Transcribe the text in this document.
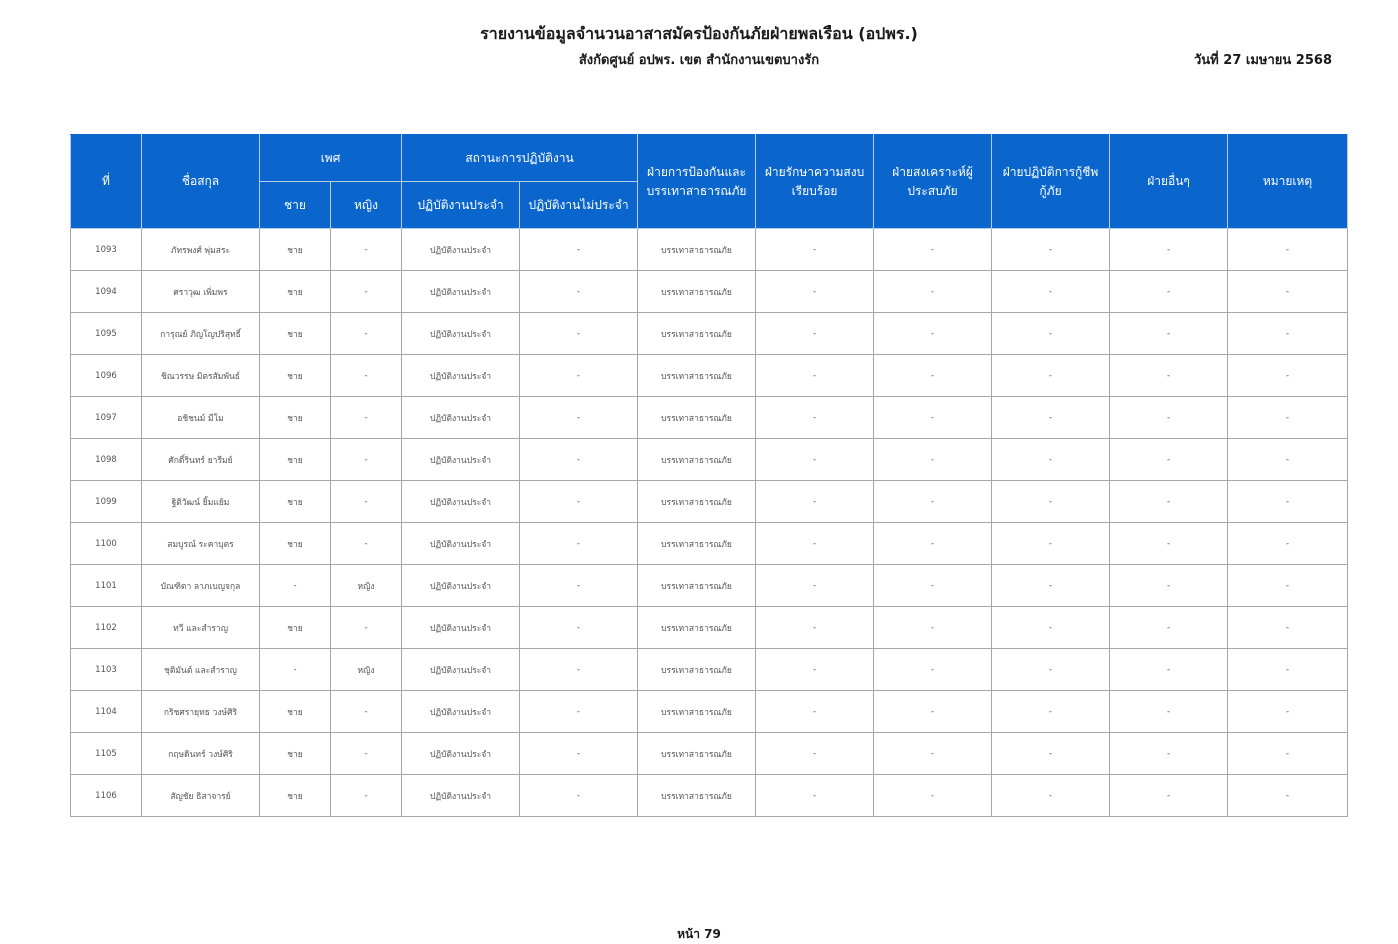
รายงานข้อมูลจำนวนอาสาสมัครป้องกันภัยฝ่ายพลเรือน (อปพร.)
สังกัดศูนย์ อปพร. เขต สำนักงานเขตบางรัก	วันที่ 27 เมษายน 2568
ที่	ชื่อสกุล	เพศ		สถานะการปฏิบัติงาน		ฝ่ายการป้องกันและบรรเทาสาธารณภัย	ฝ่ายรักษาความสงบเรียบร้อย	ฝ่ายสงเคราะห์ผู้ประสบภัย	ฝ่ายปฏิบัติการกู้ชีพกู้ภัย	ฝ่ายอื่นๆ	หมายเหตุ
		ชาย	หญิง	ปฏิบัติงานประจำ	ปฏิบัติงานไม่ประจำ						
1093	ภัทรพงศ์ พุ่มสระ	ชาย	-	ปฏิบัติงานประจำ	-	บรรเทาสาธารณภัย	-	-	-	-	-
1094	ศราวุฒ เพิ่มพร	ชาย	-	ปฏิบัติงานประจำ	-	บรรเทาสาธารณภัย	-	-	-	-	-
1095	การุณย์ ภิญโญปริสุทธิ์	ชาย	-	ปฏิบัติงานประจำ	-	บรรเทาสาธารณภัย	-	-	-	-	-
1096	ชิณวรรษ มิตรสัมพันธ์	ชาย	-	ปฏิบัติงานประจำ	-	บรรเทาสาธารณภัย	-	-	-	-	-
1097	อชิชนม์ มีโม	ชาย	-	ปฏิบัติงานประจำ	-	บรรเทาสาธารณภัย	-	-	-	-	-
1098	ศักดิ์รินทร์ ยารีมย์	ชาย	-	ปฏิบัติงานประจำ	-	บรรเทาสาธารณภัย	-	-	-	-	-
1099	ฐิติวัฒน์ ยิ้มแย้ม	ชาย	-	ปฏิบัติงานประจำ	-	บรรเทาสาธารณภัย	-	-	-	-	-
1100	สมบูรณ์ ระคาบุตร	ชาย	-	ปฏิบัติงานประจำ	-	บรรเทาสาธารณภัย	-	-	-	-	-
1101	บัณฑิตา ลาภเบญจกุล	-	หญิง	ปฏิบัติงานประจำ	-	บรรเทาสาธารณภัย	-	-	-	-	-
1102	ทวี และสำราญ	ชาย	-	ปฏิบัติงานประจำ	-	บรรเทาสาธารณภัย	-	-	-	-	-
1103	ชุติมันต์ และสำราญ	-	หญิง	ปฏิบัติงานประจำ	-	บรรเทาสาธารณภัย	-	-	-	-	-
1104	กริชศรายุทธ วงษ์ศิริ	ชาย	-	ปฏิบัติงานประจำ	-	บรรเทาสาธารณภัย	-	-	-	-	-
1105	กฤษดินทร์ วงษ์ศิริ	ชาย	-	ปฏิบัติงานประจำ	-	บรรเทาสาธารณภัย	-	-	-	-	-
1106	สัญชัย ธิสาจารย์	ชาย	-	ปฏิบัติงานประจำ	-	บรรเทาสาธารณภัย	-	-	-	-	-
หน้า 79
